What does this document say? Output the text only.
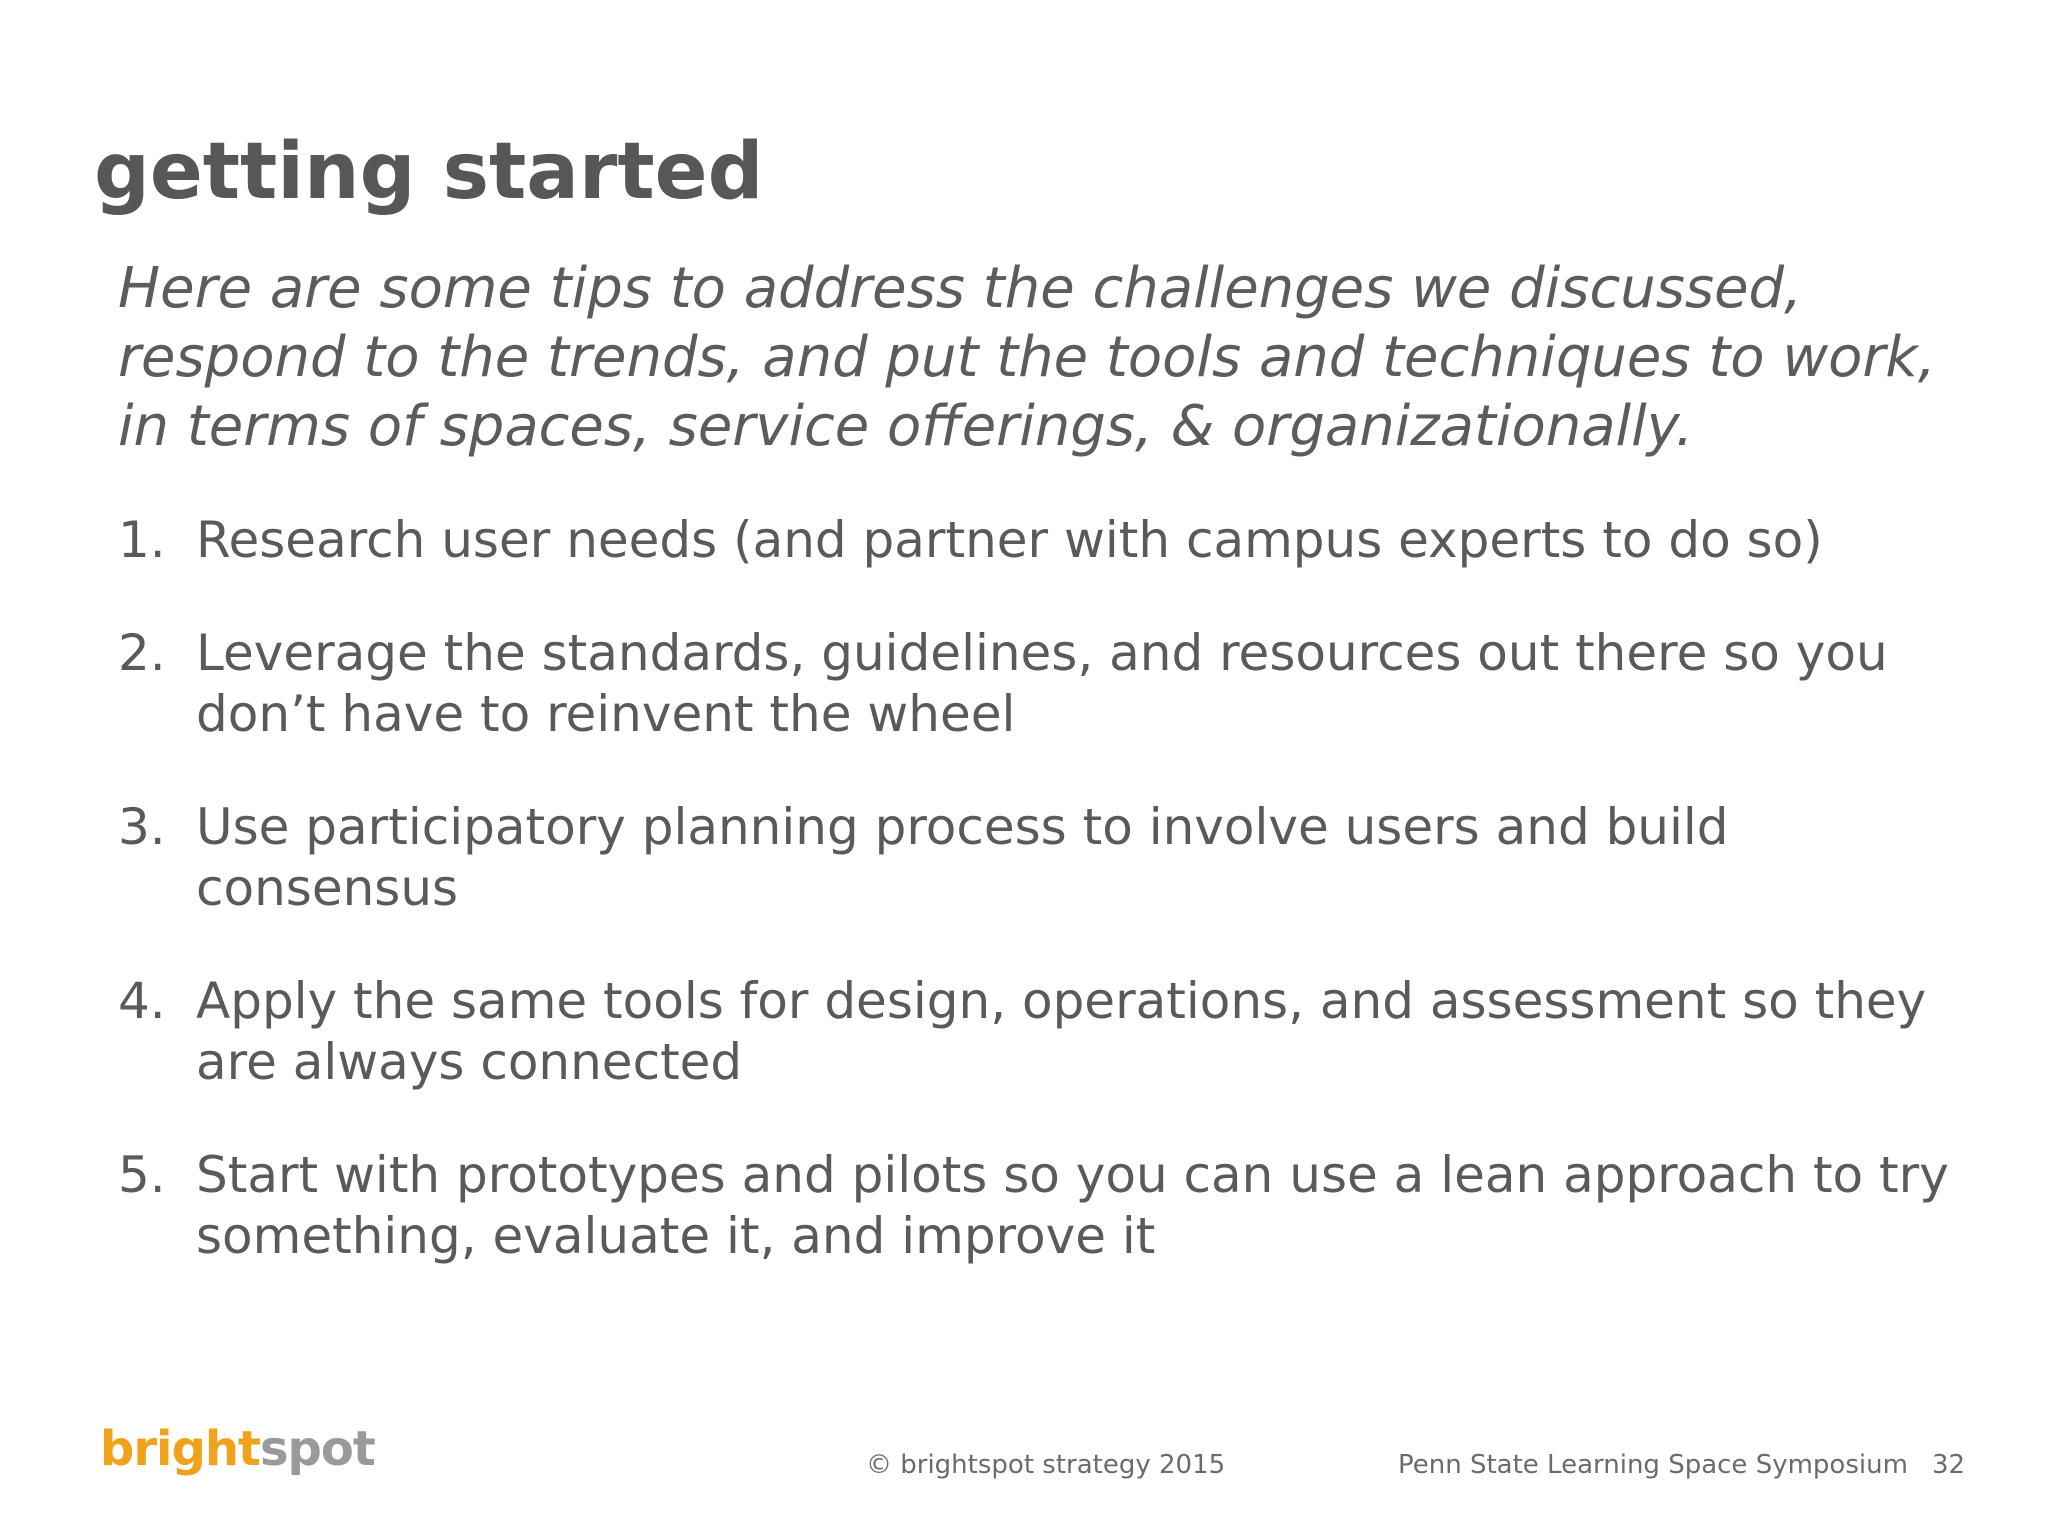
getting started

Here are some tips to address the challenges we discussed, respond to the trends, and put the tools and techniques to work, in terms of spaces, service offerings, & organizationally.

1. Research user needs (and partner with campus experts to do so)
2. Leverage the standards, guidelines, and resources out there so you don’t have to reinvent the wheel
3. Use participatory planning process to involve users and build consensus
4. Apply the same tools for design, operations, and assessment so they are always connected
5. Start with prototypes and pilots so you can use a lean approach to try something, evaluate it, and improve it
brightspot	© brightspot strategy 2015	Penn State Learning Space Symposium 32
